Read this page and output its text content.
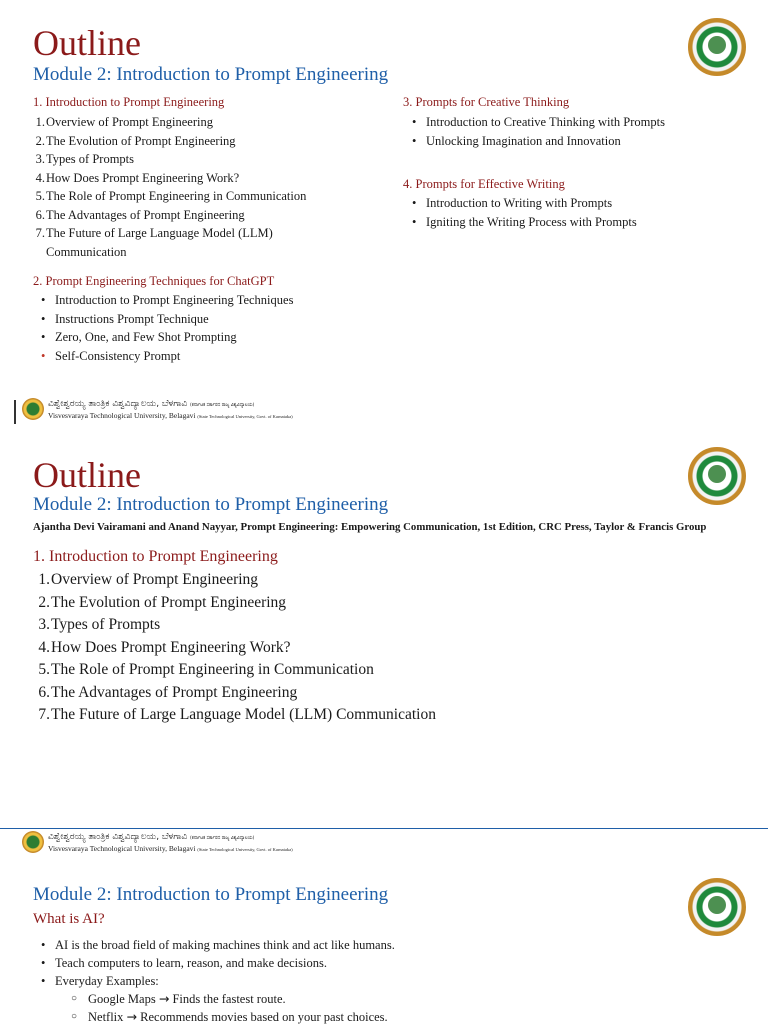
Outline
Module 2: Introduction to Prompt Engineering
1. Introduction to Prompt Engineering
1.Overview of Prompt Engineering
2.The Evolution of Prompt Engineering
3.Types of Prompts
4.How Does Prompt Engineering Work?
5.The Role of Prompt Engineering in Communication
6.The Advantages of Prompt Engineering
7.The Future of Large Language Model (LLM)
Communication
2. Prompt Engineering Techniques for ChatGPT
• Introduction to Prompt Engineering Techniques
• Instructions Prompt Technique
• Zero, One, and Few Shot Prompting
• Self-Consistency Prompt
3. Prompts for Creative Thinking
• Introduction to Creative Thinking with Prompts
• Unlocking Imagination and Innovation
4. Prompts for Effective Writing
• Introduction to Writing with Prompts
• Igniting the Writing Process with Prompts
ವಿಶ್ವೇಶ್ವರಯ್ಯ ತಾಂತ್ರಿಕ ವಿಶ್ವವಿದ್ಯಾಲಯ, ಬೆಳಗಾವಿ (ಕರ್ನಾಟಕ ಸರ್ಕಾರದ ರಾಜ್ಯ ವಿಶ್ವವಿದ್ಯಾಲಯ)
Visvesvaraya Technological University, Belagavi (State Technological University, Govt. of Karnataka)
Outline
Module 2: Introduction to Prompt Engineering
Ajantha Devi Vairamani and Anand Nayyar, Prompt Engineering: Empowering Communication, 1st Edition, CRC Press, Taylor & Francis Group
1. Introduction to Prompt Engineering
1.Overview of Prompt Engineering
2.The Evolution of Prompt Engineering
3.Types of Prompts
4.How Does Prompt Engineering Work?
5.The Role of Prompt Engineering in Communication
6.The Advantages of Prompt Engineering
7.The Future of Large Language Model (LLM) Communication
ವಿಶ್ವೇಶ್ವರಯ್ಯ ತಾಂತ್ರಿಕ ವಿಶ್ವವಿದ್ಯಾಲಯ, ಬೆಳಗಾವಿ (ಕರ್ನಾಟಕ ಸರ್ಕಾರದ ರಾಜ್ಯ ವಿಶ್ವವಿದ್ಯಾಲಯ)
Visvesvaraya Technological University, Belagavi (State Technological University, Govt. of Karnataka)
Module 2: Introduction to Prompt Engineering
What is AI?
• AI is the broad field of making machines think and act like humans.
• Teach computers to learn, reason, and make decisions.
• Everyday Examples:
○ Google Maps → Finds the fastest route.
○ Netflix → Recommends movies based on your past choices.
